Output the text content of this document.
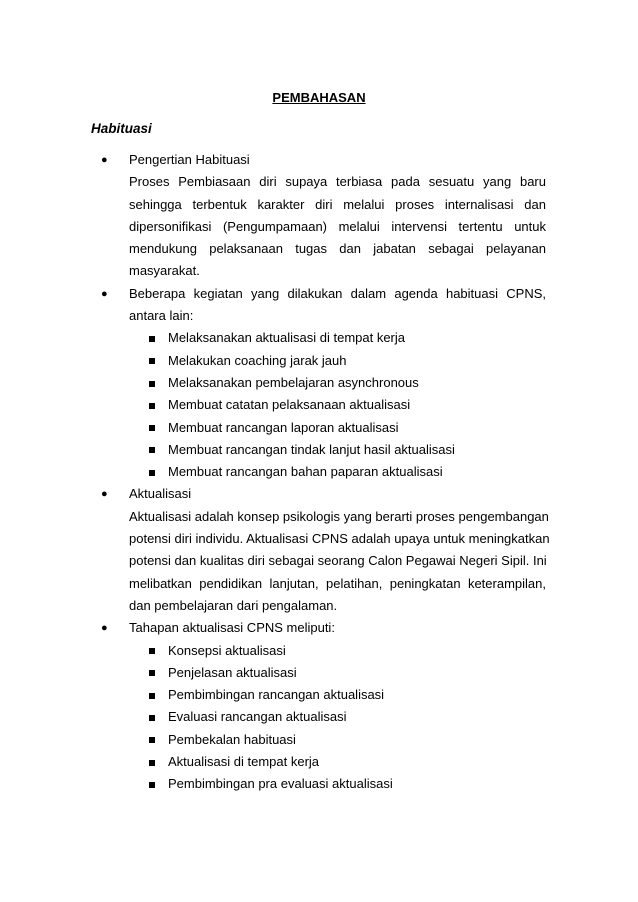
PEMBAHASAN
Habituasi
● Pengertian Habituasi
Proses Pembiasaan diri supaya terbiasa pada sesuatu yang baru
sehingga terbentuk karakter diri melalui proses internalisasi dan
dipersonifikasi (Pengumpamaan) melalui intervensi tertentu untuk
mendukung pelaksanaan tugas dan jabatan sebagai pelayanan
masyarakat.
● Beberapa kegiatan yang dilakukan dalam agenda habituasi CPNS,
antara lain:
Melaksanakan aktualisasi di tempat kerja
Melakukan coaching jarak jauh
Melaksanakan pembelajaran asynchronous
Membuat catatan pelaksanaan aktualisasi
Membuat rancangan laporan aktualisasi
Membuat rancangan tindak lanjut hasil aktualisasi
Membuat rancangan bahan paparan aktualisasi
● Aktualisasi
Aktualisasi adalah konsep psikologis yang berarti proses pengembangan
potensi diri individu. Aktualisasi CPNS adalah upaya untuk meningkatkan
potensi dan kualitas diri sebagai seorang Calon Pegawai Negeri Sipil. Ini
melibatkan pendidikan lanjutan, pelatihan, peningkatan keterampilan,
dan pembelajaran dari pengalaman.
● Tahapan aktualisasi CPNS meliputi:
Konsepsi aktualisasi
Penjelasan aktualisasi
Pembimbingan rancangan aktualisasi
Evaluasi rancangan aktualisasi
Pembekalan habituasi
Aktualisasi di tempat kerja
Pembimbingan pra evaluasi aktualisasi
